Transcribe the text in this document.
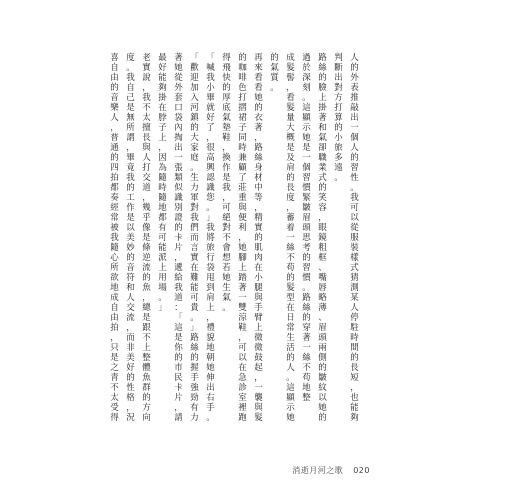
人
的
外
表
推
敲
出
一
個
人
的
習
性
。
我
可
以
從
服
裝
樣
式
猜
測
某
人
停
駐
時
間
的
長
短
，
也
能
夠
判
斷
出
對
方
打
算
的
小
旅
多
遠
。
路
絲
的
臉
上
掛
著
和
氣
卻
職
業
式
的
笑
容
，
眼
鏡
粗
框
、
嘴
唇
略
薄
、
眉
頭
兩
側
的
皺
紋
以
她
的
過
於
深
刻
。
這
顯
示
她
是
一
個
習
慣
緊
皺
眉
頭
思
考
的
習
慣
。
路
絲
的
穿
著
一
絲
不
苟
地
整
成
髮
髻
，
看
髮
量
大
概
是
及
肩
的
長
度
，
蓄
着
一
絲
不
苟
的
髮
型
在
日
常
生
活
的
人
。
這
顯
示
她
的
氣
質
。
再
來
看
看
她
的
衣
著
，
路
絲
身
材
中
等
，
精
實
的
肌
肉
在
小
腿
與
手
臂
上
微
微
鼓
起
，
一
襲
與
髮
的
咖
啡
色
打
摺
裙
子
同
時
兼
顧
了
莊
重
與
便
利
，
她
腳
上
踏
著
一
雙
涼
鞋
，
可
以
在
急
診
室
裡
跑
得
飛
快
的
厚
底
氣
墊
鞋
，
換
作
是
我
，
可
絕
對
不
會
想
若
她
生
氣
。
「
喊
我
小
畢
就
好
了
，
很
高
興
認
識
您
。
」
我
將
旅
行
袋
甩
到
肩
上
，
禮
貌
地
朝
她
伸
出
右
手
。
「
歡
迎
加
入
河
鎮
的
大
家
庭
。
生
力
軍
對
我
們
而
言
實
在
難
能
可
貴
。
」
路
絲
的
握
手
強
勁
有
力
著
她
從
外
套
口
袋
內
掏
出
一
張
類
似
識
別
證
的
卡
片
，
遞
給
我
道
：
「
這
是
你
的
市
民
卡
片
，
請
最
好
能
夠
掛
在
脖
子
上
，
因
為
隨
時
隨
地
都
有
可
能
派
上
用
場
。
」
老
實
說
，
我
不
太
擅
長
與
人
打
交
道
，
幾
乎
像
是
條
逆
流
的
魚
，
總
是
跟
不
上
整
體
魚
群
的
方
向
度
。
我
自
己
是
無
所
謂
，
畢
竟
我
的
工
作
是
以
美
妙
的
音
符
和
人
交
流
，
而
非
美
好
的
性
格
，
況
喜
自
由
的
音
樂
人
，
普
通
的
四
拍
都
奏
經
常
被
我
隨
心
所
欲
地
成
自
由
拍
，
只
是
之
青
不
太
受
得
消逝月河之歌 020
